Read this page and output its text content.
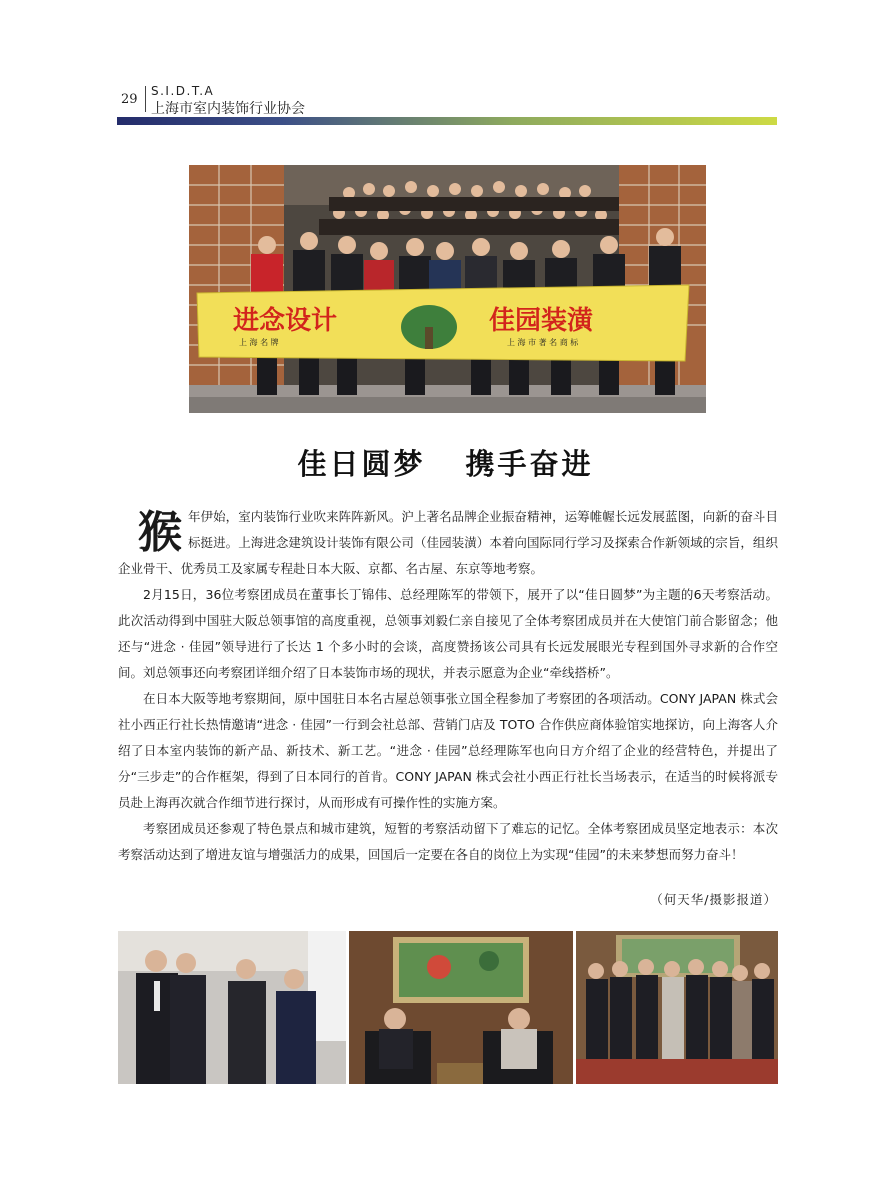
29
S.I.D.T.A
上海市室内装饰行业协会
进念设计
上 海 名 牌
佳园装潢
上 海 市 著 名 商 标
佳日圆梦 携手奋进

猴年伊始，室内装饰行业吹来阵阵新风。沪上著名品牌企业振奋精神，运筹帷幄长远发展蓝图，向新的奋斗目标挺进。上海进念建筑设计装饰有限公司（佳园装潢）本着向国际同行学习及探索合作新领域的宗旨，组织企业骨干、优秀员工及家属专程赴日本大阪、京都、名古屋、东京等地考察。

2月15日，36位考察团成员在董事长丁锦伟、总经理陈军的带领下，展开了以“佳日圆梦”为主题的6天考察活动。此次活动得到中国驻大阪总领事馆的高度重视，总领事刘毅仁亲自接见了全体考察团成员并在大使馆门前合影留念；他还与“进念 · 佳园”领导进行了长达 1 个多小时的会谈，高度赞扬该公司具有长远发展眼光专程到国外寻求新的合作空间。刘总领事还向考察团详细介绍了日本装饰市场的现状，并表示愿意为企业“牵线搭桥”。

在日本大阪等地考察期间，原中国驻日本名古屋总领事张立国全程参加了考察团的各项活动。CONY JAPAN 株式会社小西正行社长热情邀请“进念 · 佳园”一行到会社总部、营销门店及 TOTO 合作供应商体验馆实地探访，向上海客人介绍了日本室内装饰的新产品、新技术、新工艺。“进念 · 佳园”总经理陈军也向日方介绍了企业的经营特色，并提出了分“三步走”的合作框架，得到了日本同行的首肯。CONY JAPAN 株式会社小西正行社长当场表示，在适当的时候将派专员赴上海再次就合作细节进行探讨，从而形成有可操作性的实施方案。

考察团成员还参观了特色景点和城市建筑，短暂的考察活动留下了难忘的记忆。全体考察团成员坚定地表示：本次考察活动达到了增进友谊与增强活力的成果，回国后一定要在各自的岗位上为实现“佳园”的未来梦想而努力奋斗！

（何天华/摄影报道）
